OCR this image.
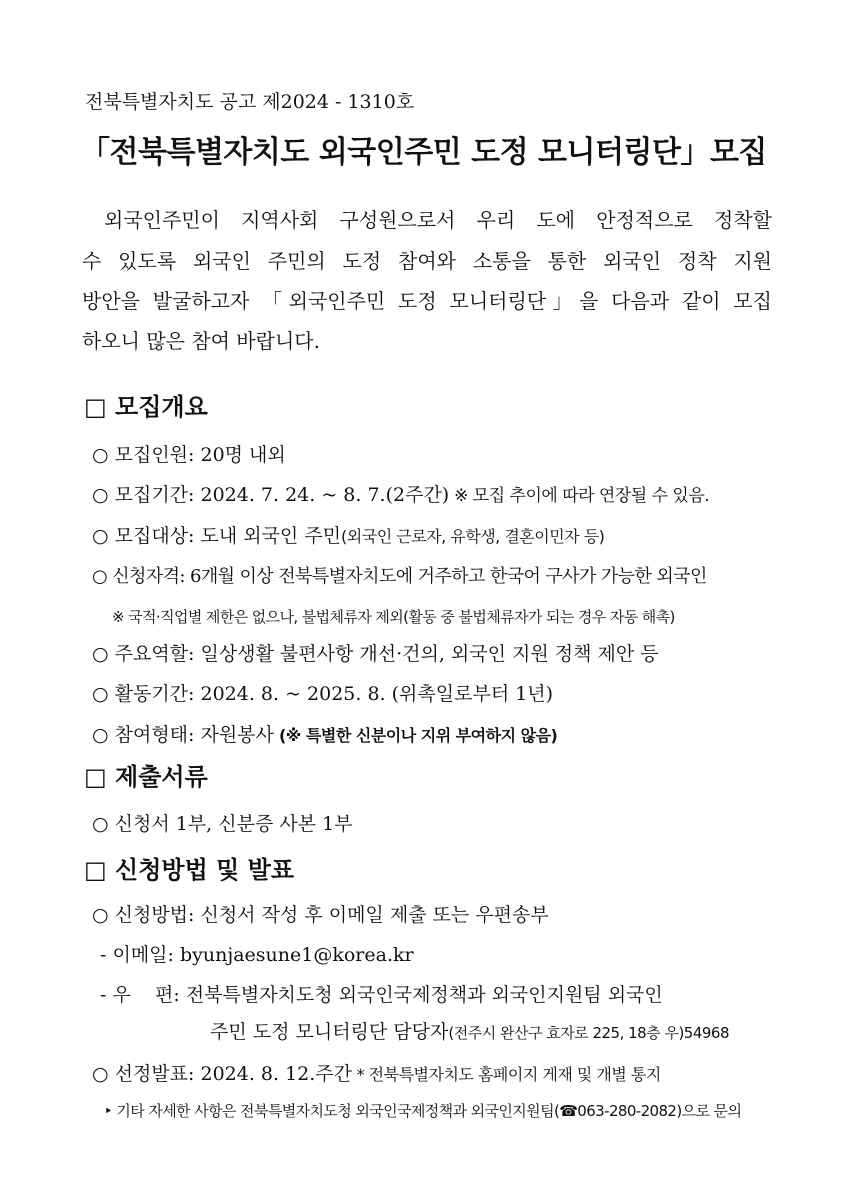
전북특별자치도 공고 제2024 - 1310호
「전북특별자치도 외국인주민 도정 모니터링단」모집
외국인주민이 지역사회 구성원으로서 우리 도에 안정적으로 정착할
수 있도록 외국인 주민의 도정 참여와 소통을 통한 외국인 정착 지원
방안을 발굴하고자 「외국인주민 도정 모니터링단」을 다음과 같이 모집
하오니 많은 참여 바랍니다.
□ 모집개요
○ 모집인원: 20명 내외
○ 모집기간: 2024. 7. 24. ~ 8. 7.(2주간) ※ 모집 추이에 따라 연장될 수 있음.
○ 모집대상: 도내 외국인 주민(외국인 근로자, 유학생, 결혼이민자 등)
○ 신청자격: 6개월 이상 전북특별자치도에 거주하고 한국어 구사가 가능한 외국인
※ 국적·직업별 제한은 없으나, 불법체류자 제외(활동 중 불법체류자가 되는 경우 자동 해촉)
○ 주요역할: 일상생활 불편사항 개선·건의, 외국인 지원 정책 제안 등
○ 활동기간: 2024. 8. ~ 2025. 8. (위촉일로부터 1년)
○ 참여형태: 자원봉사 (※ 특별한 신분이나 지위 부여하지 않음)
□ 제출서류
○ 신청서 1부, 신분증 사본 1부
□ 신청방법 및 발표
○ 신청방법: 신청서 작성 후 이메일 제출 또는 우편송부
- 이메일: byunjaesune1@korea.kr
- 우    편: 전북특별자치도청 외국인국제정책과 외국인지원팀 외국인
주민 도정 모니터링단 담당자(전주시 완산구 효자로 225, 18층 우)54968
○ 선정발표: 2024. 8. 12.주간 * 전북특별자치도 홈페이지 게재 및 개별 통지
‣ 기타 자세한 사항은 전북특별자치도청 외국인국제정책과 외국인지원팀(☎063-280-2082)으로 문의
